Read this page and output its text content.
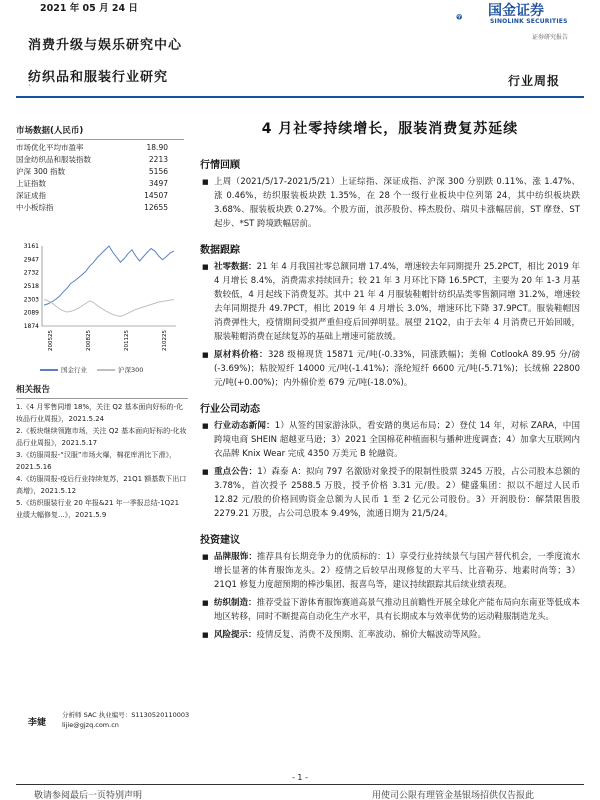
2021 年 05 月 24 日
消费升级与娱乐研究中心
纺织品和服装行业研究
`
国金证券
SINOLINK SECURITIES
证券研究报告
行业周报
市场数据(人民币)
市场优化平均市盈率	18.90
国金纺织品和服装指数	2213
沪深 300 指数	5156
上证指数	3497
深证成指	14507
中小板综指	12655
3161
2947
2732
2518
2303
2089
1874
200525	200825	201125	210225
国金行业	沪深300
相关报告
1.《4 月零售同增 18%，关注 Q2 基本面向好标的-化妆品行业周报》，2021.5.24
2.《板块继续领跑市场，关注 Q2 基本面向好标的-化妆品行业周报》，2021.5.17
3.《纺服周报-“汉服”市场火爆，棉花库消比下滑》，2021.5.16
4.《纺服周报-疫后行业持续复苏，21Q1 额基数下出口高增》，2021.5.12
5.《纺织服装行业 20 年报&21 年一季报总结-1Q21 业绩大幅修复...》，2021.5.9
李婕
分析师 SAC 执业编号：S1130520110003
lijie@gjzq.com.cn
4 月社零持续增长，服装消费复苏延续
行情回顾
■ 上周（2021/5/17-2021/5/21）上证综指、深证成指、沪深 300 分别跌 0.11%、涨 1.47%、涨 0.46%，纺织服装板块跌 1.35%，在 28 个一级行业板块中位列第 24，其中纺织板块跌 3.68%、服装板块跌 0.27%。个股方面，浪莎股份、棒杰股份、瑞贝卡涨幅居前，ST 摩登、ST 起步、*ST 跨境跌幅居前。
数据跟踪
■ 社零数据：21 年 4 月我国社零总额同增 17.4%，增速较去年同期提升 25.2PCT，相比 2019 年 4 月增长 8.4%，消费需求持续回升；较 21 年 3 月环比下降 16.5PCT，主要为 20 年 1-3 月基数较低，4 月起线下消费复苏。其中 21 年 4 月服装鞋帽针纺织品类零售额同增 31.2%，增速较去年同期提升 49.7PCT，相比 2019 年 4 月增长 3.0%，增速环比下降 37.9PCT。服装鞋帽因消费弹性大，疫情期间受损严重但疫后回弹明显。展望 21Q2，由于去年 4 月消费已开始回暖，服装鞋帽消费在延续复苏的基础上增速可能放缓。
■ 原材料价格：328 级棉现货 15871 元/吨(-0.33%，同涨跌幅)；美棉 CotlookA 89.95 分/磅(-3.69%)；粘胶短纤 14000 元/吨(-1.41%)；涤纶短纤 6600 元/吨(-5.71%)；长绒棉 22800 元/吨(+0.00%)；内外棉价差 679 元/吨(-18.0%)。
行业公司动态
■ 行业动态新闻：1）从签约国家游泳队，看安踏的奥运布局；2）登仗 14 年，对标 ZARA，中国跨境电商 SHEIN 超越亚马逊；3）2021 全国棉花种植面积与播种进度调查；4）加拿大互联网内衣品牌 Knix Wear 完成 4350 万美元 B 轮融资。
■ 重点公告：1）森泰 A：拟向 797 名激励对象授予的限制性股票 3245 万股，占公司股本总额的 3.78%，首次授予 2588.5 万股，授予价格 3.31 元/股。2）健盛集团：拟以不超过人民币 12.82 元/股的价格回购资金总额为人民币 1 至 2 亿元公司股份。3）开润股份：解禁限售股 2279.21 万股，占公司总股本 9.49%，流通日期为 21/5/24。
投资建议
■ 品牌服饰：推荐具有长期竞争力的优质标的：1）享受行业持续景气与国产替代机会，一季度流水增长显著的体育服饰龙头。2）疫情之后较早出现修复的大平马、比音勒芬、地素时尚等；3）21Q1 修复力度超预期的棒沙集团、报喜鸟等，建议持续跟踪其后续业绩表现。
■ 纺织制造：推荐受益下游体育服饰赛道高景气推动且前瞻性开展全球化产能布局向东南亚等低成本地区转移，同时不断提高自动化生产水平，具有长期成本与效率优势的运动鞋服制造龙头。
■ 风险提示：疫情反复、消费不及预期、汇率波动、棉价大幅波动等风险。
- 1 -
敬请参阅最后一页特别声明	用使司公限有理管金基银场招供仅告报此
